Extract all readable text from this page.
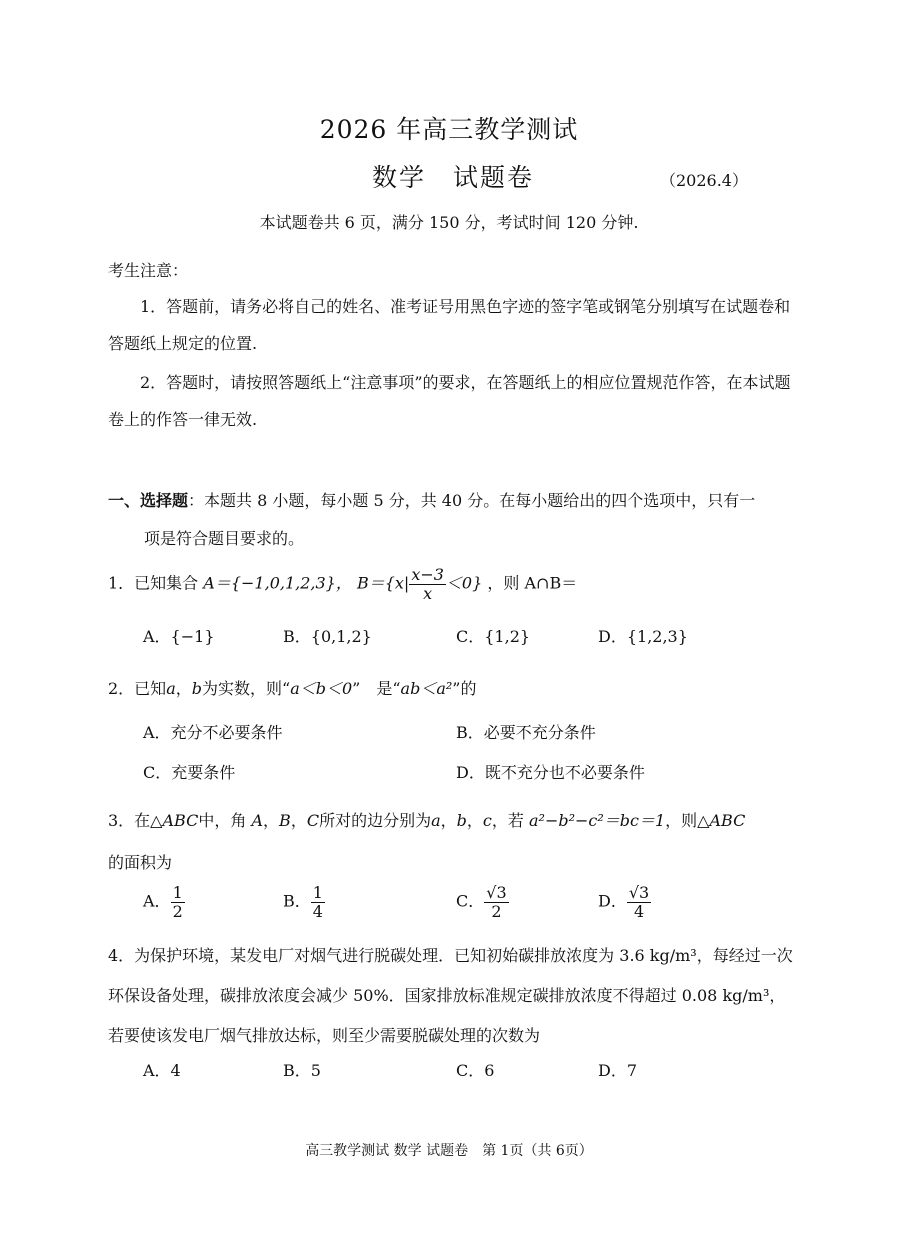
2026 年高三教学测试
数学　试题卷	（2026.4）
本试题卷共 6 页，满分 150 分，考试时间 120 分钟.
考生注意：
1．答题前，请务必将自己的姓名、准考证号用黑色字迹的签字笔或钢笔分别填写在试题卷和答题纸上规定的位置.
2．答题时，请按照答题纸上“注意事项”的要求，在答题纸上的相应位置规范作答，在本试题卷上的作答一律无效.
一、选择题：本题共 8 小题，每小题 5 分，共 40 分。在每小题给出的四个选项中，只有一
项是符合题目要求的。
1．已知集合 A＝{−1,0,1,2,3}， $B=\{x| \frac{x-3}{x} <0\}$ ，则 A∩B＝
A．{−1}	B．{0,1,2}	C．{1,2}	D．{1,2,3}
2．已知a，b为实数，则“a＜b＜0”　是“ab＜a²”的
A．充分不必要条件	B．必要不充分条件
C．充要条件	D．既不充分也不必要条件
3．在△ABC中，角 A，B，C所对的边分别为a，b，c，若 a²−b²−c²＝bc＝1，则△ABC
的面积为
A． $\frac{1}{2}$	B． $\frac{1}{4}$	C． $\frac{√3}{2}$	D． $\frac{√3}{4}$
4．为保护环境，某发电厂对烟气进行脱碳处理．已知初始碳排放浓度为 3.6 kg/m³，每经过一次环保设备处理，碳排放浓度会减少 50%．国家排放标准规定碳排放浓度不得超过 0.08 kg/m³，若要使该发电厂烟气排放达标，则至少需要脱碳处理的次数为
A．4	B．5	C．6	D．7
高三教学测试 数学 试题卷　第 1页（共 6页）
